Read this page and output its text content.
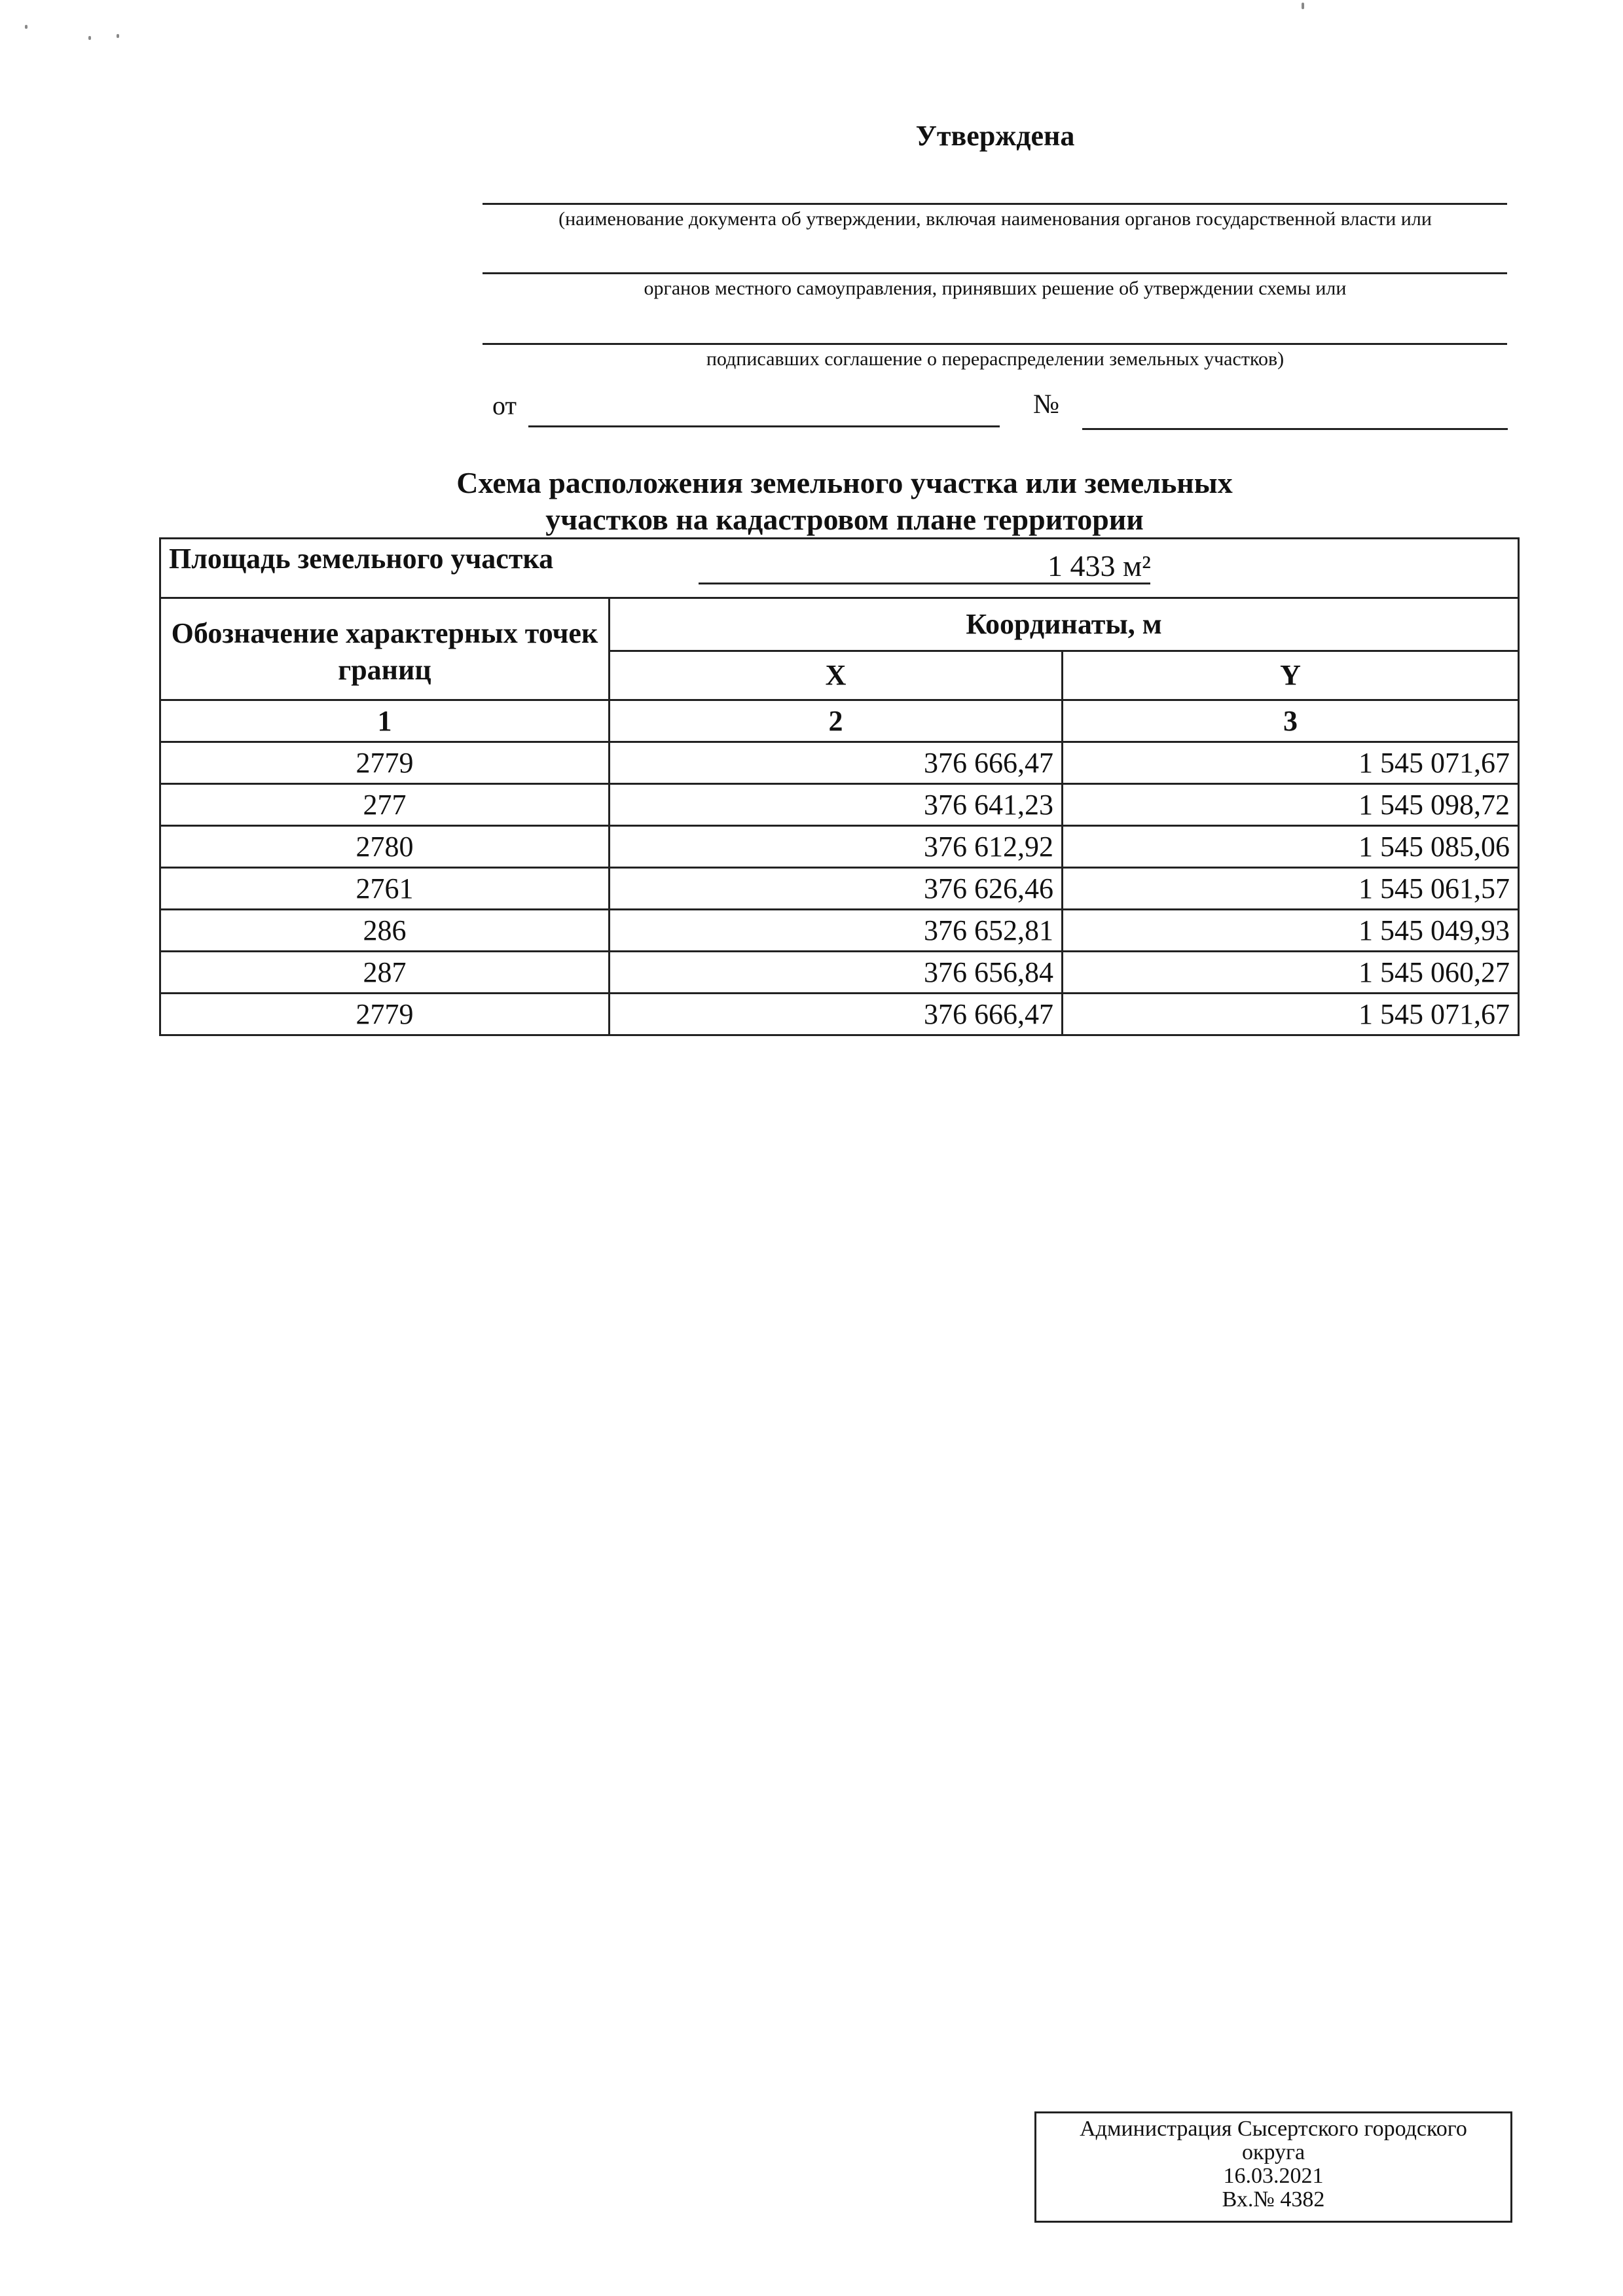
Утверждена
(наименование документа об утверждении, включая наименования органов государственной власти или
органов местного самоуправления, принявших решение об утверждении схемы или
подписавших соглашение о перераспределении земельных участков)
от	№
Схема расположения земельного участка или земельных
участков на кадастровом плане территории
Площадь земельного участка 1 433 м²		

Обозначение характерных точек границ	Координаты, м	
	X	Y
1	2	3
2779	376 666,47	1 545 071,67
277	376 641,23	1 545 098,72
2780	376 612,92	1 545 085,06
2761	376 626,46	1 545 061,57
286	376 652,81	1 545 049,93
287	376 656,84	1 545 060,27
2779	376 666,47	1 545 071,67
Администрация Сысертского городского
округа
16.03.2021
Вх.№ 4382
